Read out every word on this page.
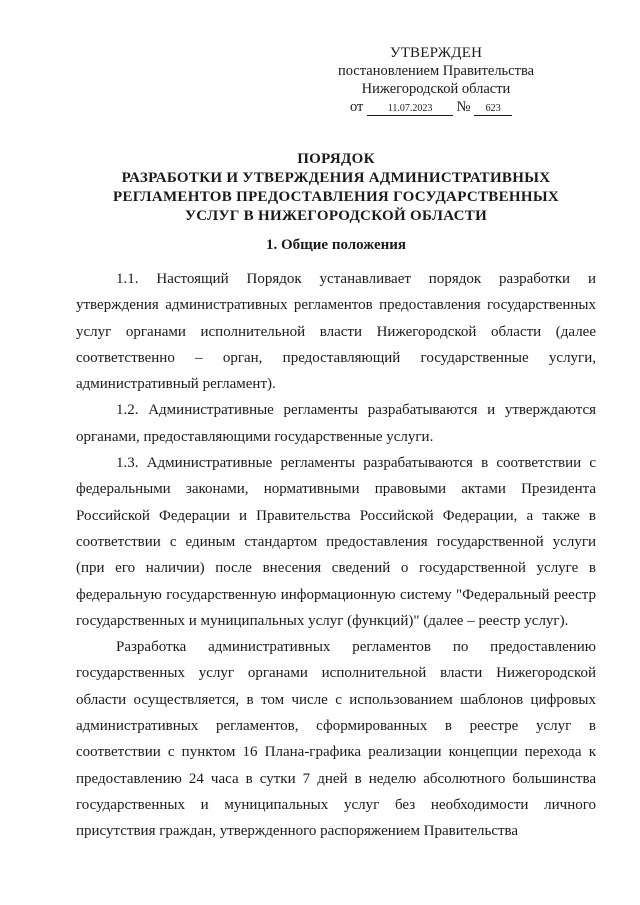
УТВЕРЖДЕН
постановлением Правительства
Нижегородской области
от 11.07.2023 № 623
ПОРЯДОК
РАЗРАБОТКИ И УТВЕРЖДЕНИЯ АДМИНИСТРАТИВНЫХ
РЕГЛАМЕНТОВ ПРЕДОСТАВЛЕНИЯ ГОСУДАРСТВЕННЫХ
УСЛУГ В НИЖЕГОРОДСКОЙ ОБЛАСТИ
1. Общие положения

1.1. Настоящий Порядок устанавливает порядок разработки и утверждения административных регламентов предоставления государственных услуг органами исполнительной власти Нижегородской области (далее соответственно – орган, предоставляющий государственные услуги, административный регламент).

1.2. Административные регламенты разрабатываются и утверждаются органами, предоставляющими государственные услуги.

1.3. Административные регламенты разрабатываются в соответствии с федеральными законами, нормативными правовыми актами Президента Российской Федерации и Правительства Российской Федерации, а также в соответствии с единым стандартом предоставления государственной услуги (при его наличии) после внесения сведений о государственной услуге в федеральную государственную информационную систему "Федеральный реестр государственных и муниципальных услуг (функций)" (далее – реестр услуг).

Разработка административных регламентов по предоставлению государственных услуг органами исполнительной власти Нижегородской области осуществляется, в том числе с использованием шаблонов цифровых административных регламентов, сформированных в реестре услуг в соответствии с пунктом 16 Плана-графика реализации концепции перехода к предоставлению 24 часа в сутки 7 дней в неделю абсолютного большинства государственных и муниципальных услуг без необходимости личного присутствия граждан, утвержденного распоряжением Правительства
